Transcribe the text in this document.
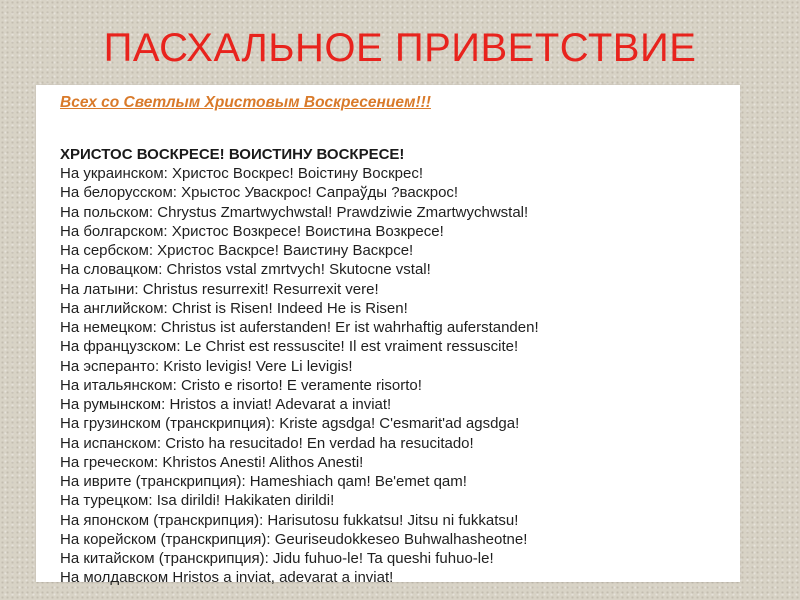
ПАСХАЛЬНОЕ ПРИВЕТСТВИЕ
Всех со Светлым Христовым Воскресением!!!
ХРИСТОС ВОСКРЕСЕ! ВОИСТИНУ ВОСКРЕСЕ!
На украинском: Христос Воскрес! Воiстину Воскрес!
На белорусском: Хрыстос Уваскрос! Сапраўды ?васкрос!
На польском: Chrystus Zmartwychwstal! Prawdziwie Zmartwychwstal!
На болгарском: Христос Возкресе! Воистина Возкресе!
На сербском: Христос Васкрсе! Ваистину Васкрсе!
На словацком: Christos vstal zmrtvych! Skutocne vstal!
На латыни: Christus resurrexit! Resurrexit vere!
На английском: Christ is Risen! Indeed He is Risen!
На немецком: Christus ist auferstanden! Er ist wahrhaftig auferstanden!
На французском: Le Christ est ressuscite! Il est vraiment ressuscite!
На эсперанто: Kristo levigis! Vere Li levigis!
На итальянском: Cristo e risorto! E veramente risorto!
На румынском: Hristos a inviat! Adevarat a inviat!
На грузинском (транскрипция): Kriste agsdga! C'esmarit'ad agsdga!
На испанском: Cristo ha resucitado! En verdad ha resucitado!
На греческом: Khristos Anesti! Alithos Anesti!
На иврите (транскрипция): Hameshiach qam! Be'emet qam!
На турецком: Isa dirildi! Hakikaten dirildi!
На японском (транскрипция): Harisutosu fukkatsu! Jitsu ni fukkatsu!
На корейском (транскрипция): Geuriseudokkeseo Buhwalhasheotne!
На китайском (транскрипция): Jidu fuhuo-le! Ta queshi fuhuo-le!
На молдавском Hristos a inviat, adevarat a inviat!
